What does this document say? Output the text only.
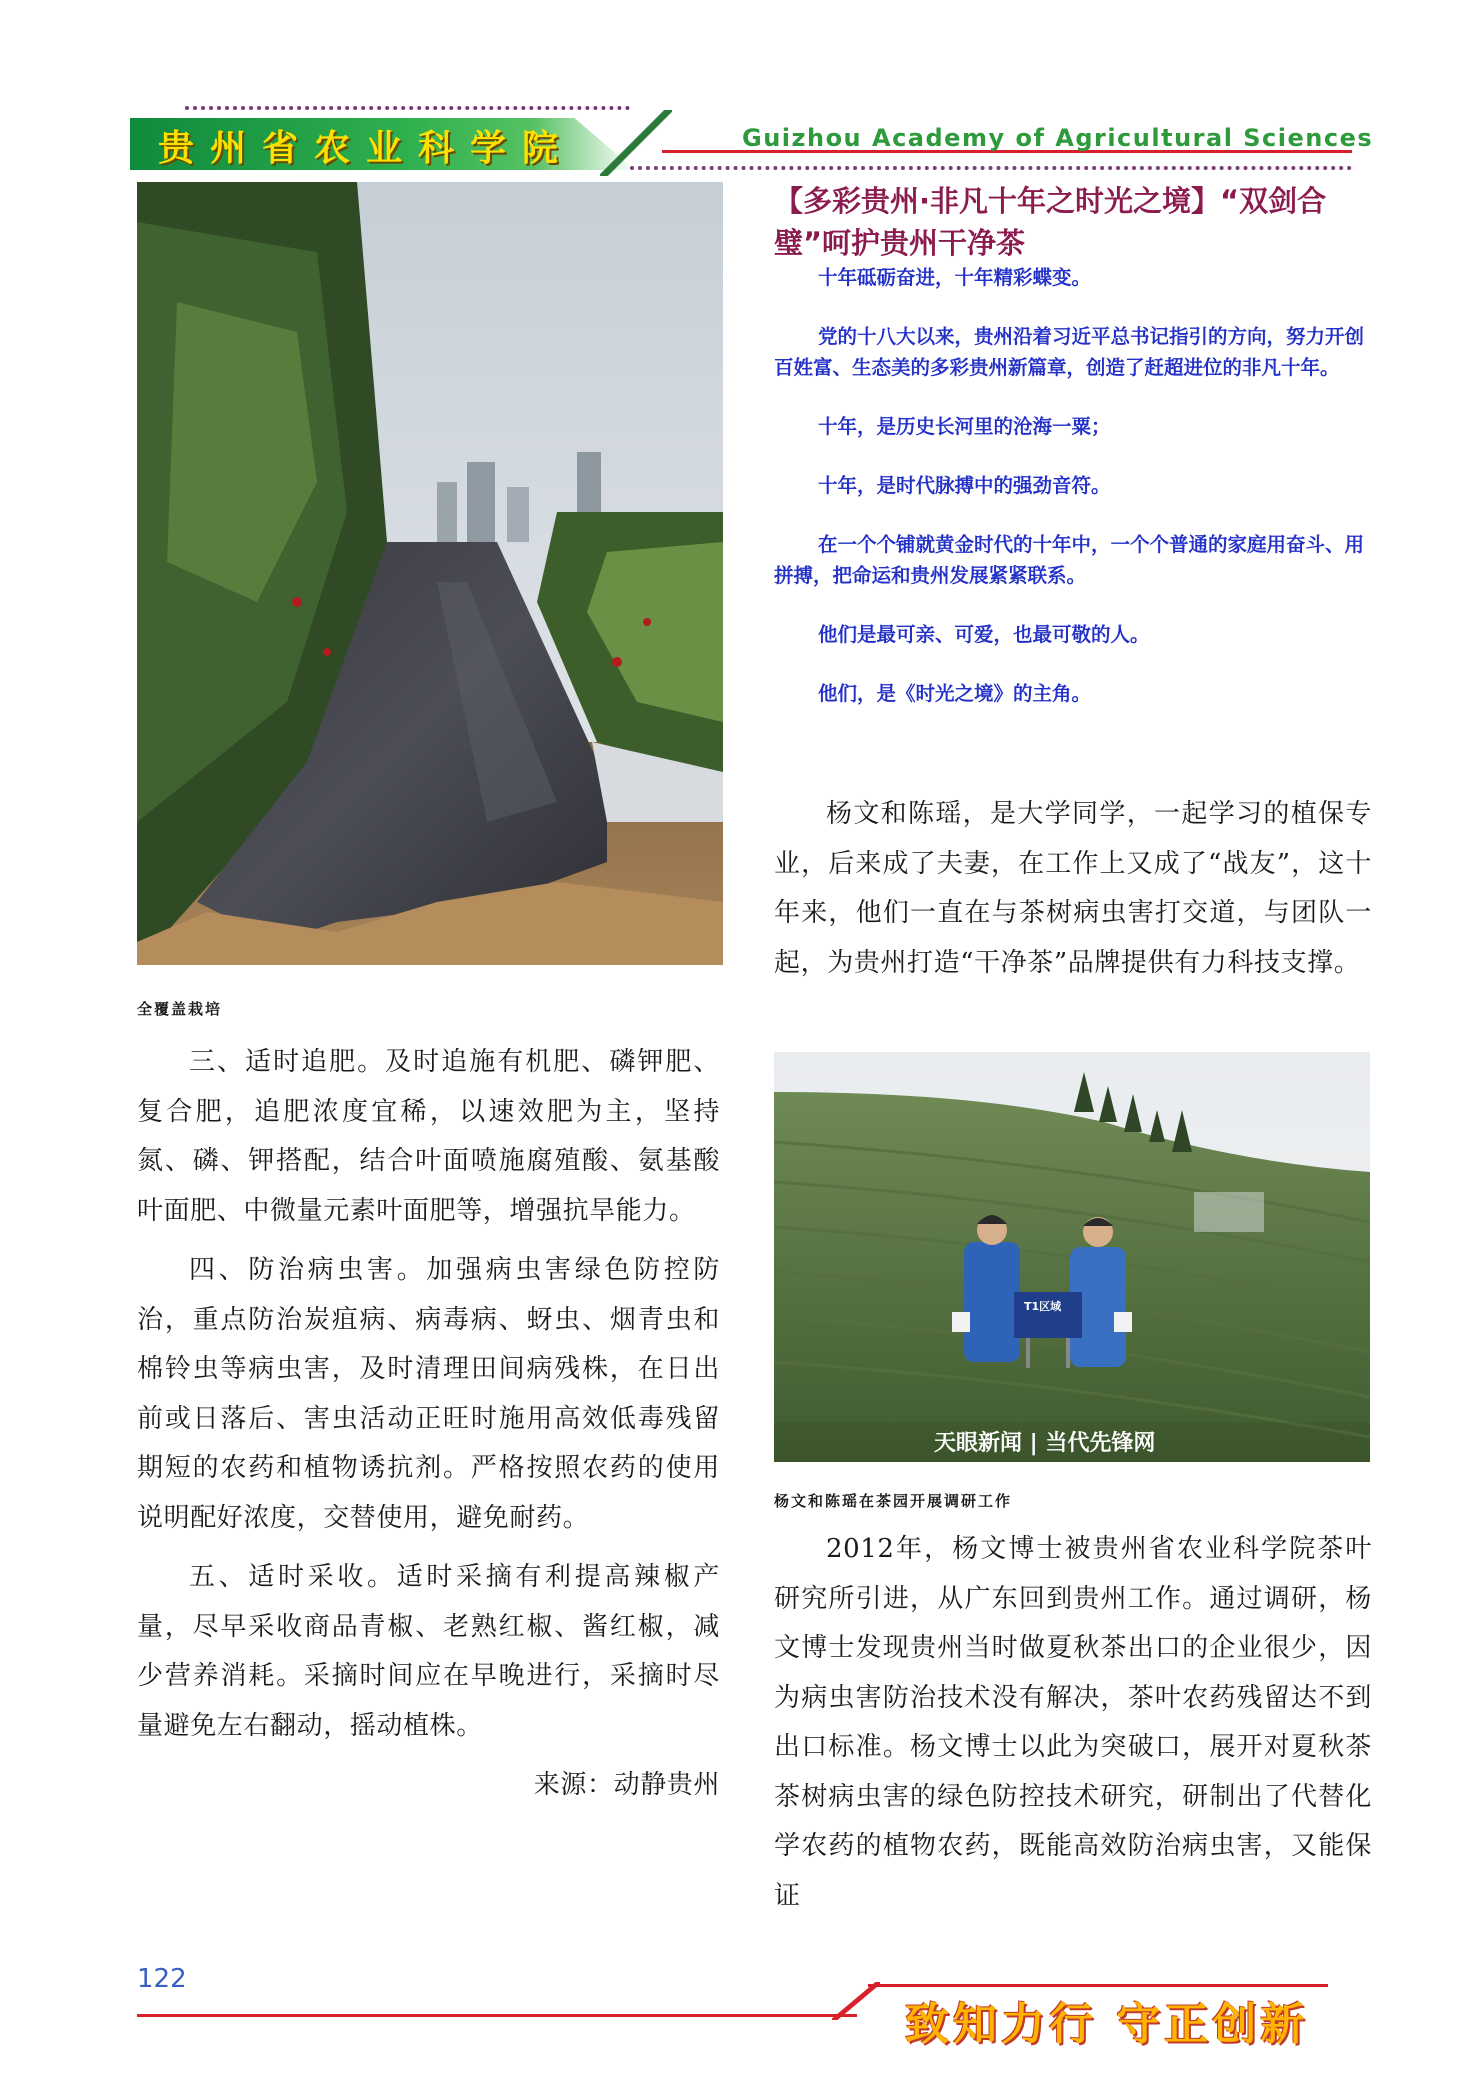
贵州省农业科学院	Guizhou Academy of Agricultural Sciences
全覆盖栽培

三、适时追肥。及时追施有机肥、磷钾肥、复合肥，追肥浓度宜稀，以速效肥为主，坚持氮、磷、钾搭配，结合叶面喷施腐殖酸、氨基酸叶面肥、中微量元素叶面肥等，增强抗旱能力。

四、防治病虫害。加强病虫害绿色防控防治，重点防治炭疽病、病毒病、蚜虫、烟青虫和棉铃虫等病虫害，及时清理田间病残株，在日出前或日落后、害虫活动正旺时施用高效低毒残留期短的农药和植物诱抗剂。严格按照农药的使用说明配好浓度，交替使用，避免耐药。

五、适时采收。适时采摘有利提高辣椒产量，尽早采收商品青椒、老熟红椒、酱红椒，减少营养消耗。采摘时间应在早晚进行，采摘时尽量避免左右翻动，摇动植株。

来源：动静贵州

【多彩贵州·非凡十年之时光之境】“双剑合璧”呵护贵州干净茶

十年砥砺奋进，十年精彩蝶变。

党的十八大以来，贵州沿着习近平总书记指引的方向，努力开创百姓富、生态美的多彩贵州新篇章，创造了赶超进位的非凡十年。

十年，是历史长河里的沧海一粟；

十年，是时代脉搏中的强劲音符。

在一个个铺就黄金时代的十年中，一个个普通的家庭用奋斗、用拼搏，把命运和贵州发展紧紧联系。

他们是最可亲、可爱，也最可敬的人。

他们，是《时光之境》的主角。

杨文和陈瑶，是大学同学，一起学习的植保专业，后来成了夫妻，在工作上又成了“战友”，这十年来，他们一直在与茶树病虫害打交道，与团队一起，为贵州打造“干净茶”品牌提供有力科技支撑。

T1区域
天眼新闻 | 当代先锋网
杨文和陈瑶在茶园开展调研工作

2012年，杨文博士被贵州省农业科学院茶叶研究所引进，从广东回到贵州工作。通过调研，杨文博士发现贵州当时做夏秋茶出口的企业很少，因为病虫害防治技术没有解决，茶叶农药残留达不到出口标准。杨文博士以此为突破口，展开对夏秋茶茶树病虫害的绿色防控技术研究，研制出了代替化学农药的植物农药，既能高效防治病虫害，又能保证

122
致知力行 守正创新
